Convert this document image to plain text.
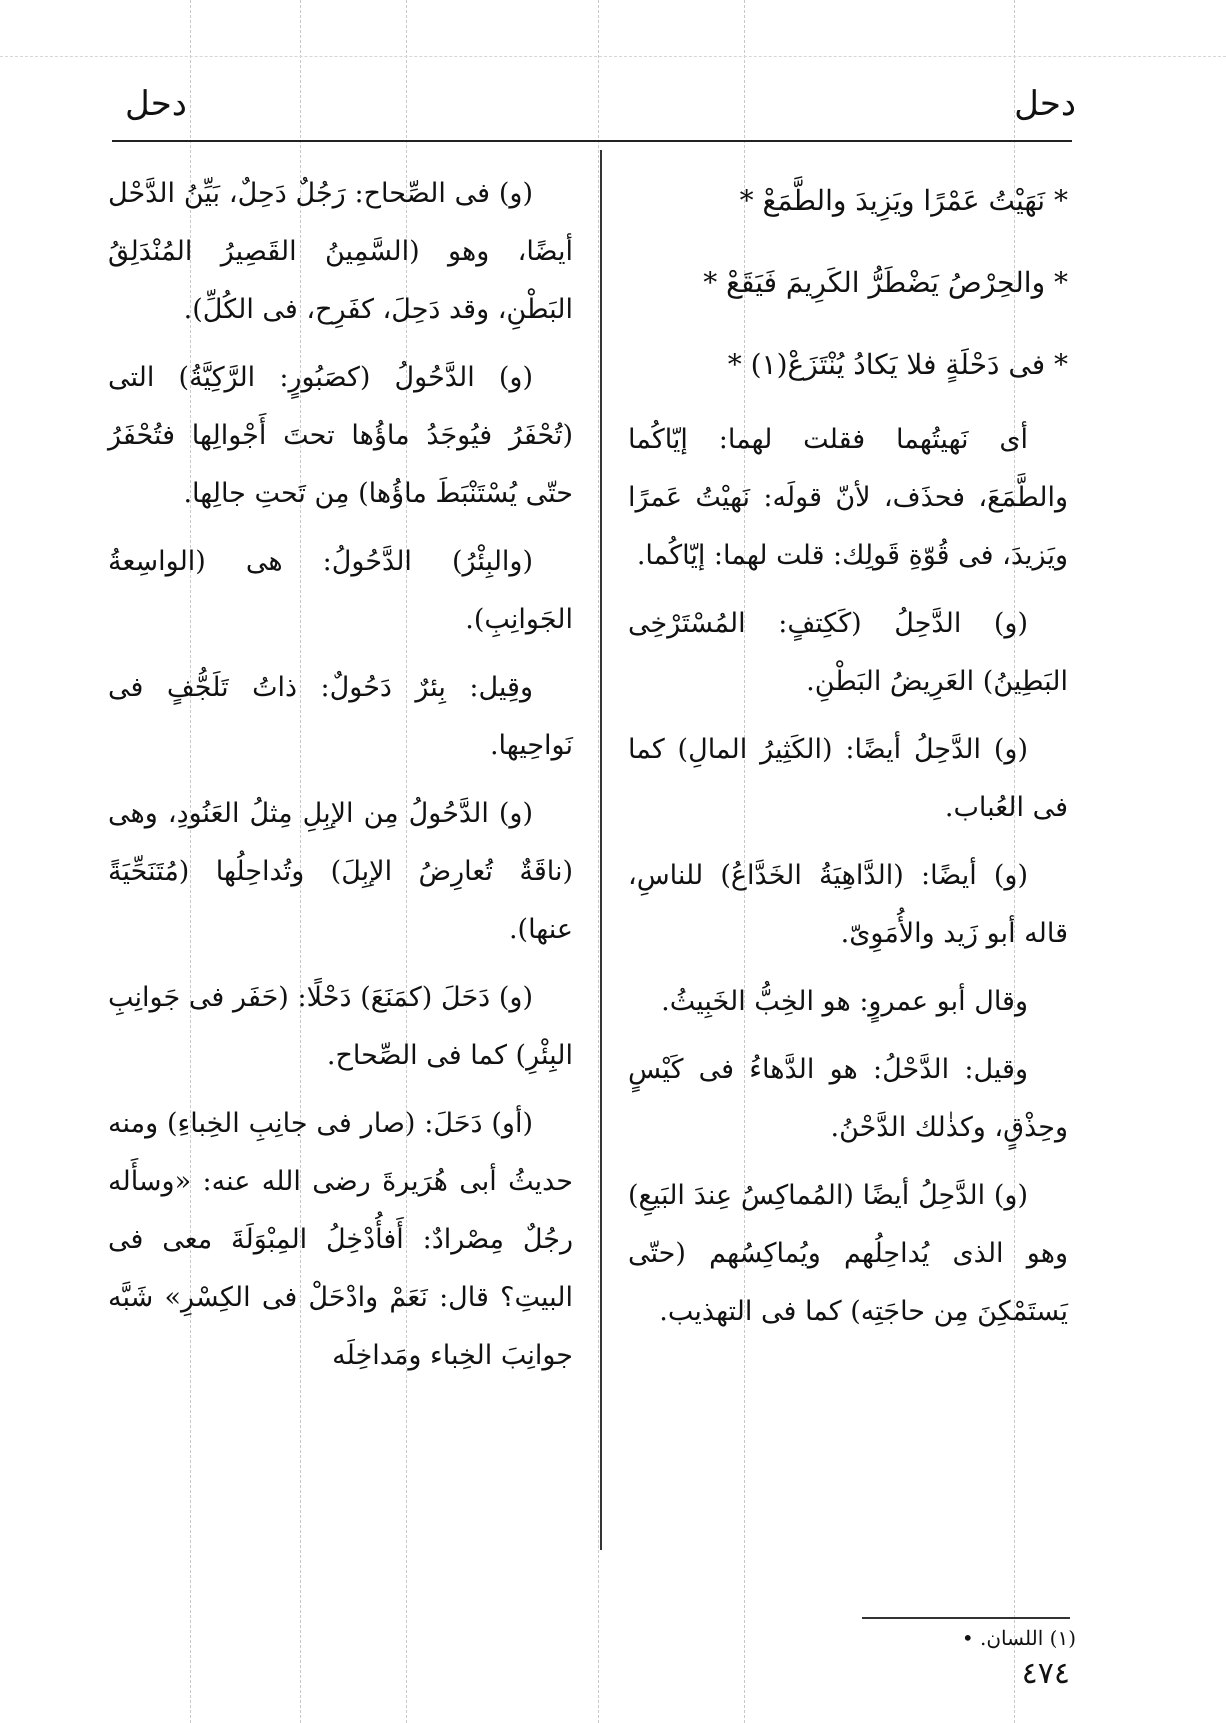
دحل
دحل

* نَهَيْتُ عَمْرًا ويَزِيدَ والطَّمَعْ *

* والحِرْصُ يَضْطَرُّ الكَرِيمَ فَيَقَعْ *

* فى دَحْلَةٍ فلا يَكادُ يُنْتَزَعْ(١) *

أى نَهيتُهما فقلت لهما: إيّاكُما والطَّمَعَ، فحذَف، لأنّ قولَه: نَهيْتُ عَمرًا ويَزيدَ، فى قُوّةِ قَولِك: قلت لهما: إيّاكُما.

(و) الدَّحِلُ (كَكِتفٍ: المُسْتَرْخِى البَطِينُ) العَرِيضُ البَطْنِ.

(و) الدَّحِلُ أيضًا: (الكَثِيرُ المالِ) كما فى العُباب.

(و) أيضًا: (الدَّاهِيَةُ الخَدَّاعُ) للناسِ، قاله أبو زَيد والأُمَوِىّ.

وقال أبو عمروٍ: هو الخِبُّ الخَبِيثُ.

وقيل: الدَّحْلُ: هو الدَّهاءُ فى كَيْسٍ وحِذْقٍ، وكذٰلك الدَّحْنُ.

(و) الدَّحِلُ أيضًا (المُماكِسُ عِندَ البَيعِ) وهو الذى يُداحِلُهم ويُماكِسُهم (حتّى يَستَمْكِنَ مِن حاجَتِه) كما فى التهذيب.

(و) فى الصِّحاح: رَجُلٌ دَحِلٌ، بَيِّنُ الدَّحْل أيضًا، وهو (السَّمِينُ القَصِيرُ المُنْدَلِقُ البَطْنِ، وقد دَحِلَ، كفَرِح، فى الكُلِّ).

(و) الدَّحُولُ (كصَبُورٍ: الرَّكِيَّةُ) التى (تُحْفَرُ فيُوجَدُ ماؤُها تحتَ أَجْوالِها فتُحْفَرُ حتّى يُسْتَنْبَطَ ماؤُها) مِن تَحتِ جالِها.

(والبِئْرُ) الدَّحُولُ: هى (الواسِعةُ الجَوانِبِ).

وقِيل: بِئرٌ دَحُولٌ: ذاتُ تَلَجُّفٍ فى نَواحِيها.

(و) الدَّحُولُ مِن الإبِلِ مِثلُ العَنُودِ، وهى (ناقَةٌ تُعارِضُ الإبِلَ) وتُداحِلُها (مُتَنَحِّيَةً عنها).

(و) دَحَلَ (كمَنَعَ) دَحْلًا: (حَفَر فى جَوانِبِ البِئْرِ) كما فى الصِّحاح.

(أو) دَحَلَ: (صار فى جانِبِ الخِباءِ) ومنه حديثُ أبى هُرَيرةَ رضى الله عنه: «وسأَله رجُلٌ مِصْرادٌ: أَفأُدْخِلُ المِبْوَلَةَ معى فى البيتِ؟ قال: نَعَمْ وادْحَلْ فى الكِسْرِ» شَبَّه جوانِبَ الخِباء ومَداخِلَه

(١) اللسان. •
٤٧٤
